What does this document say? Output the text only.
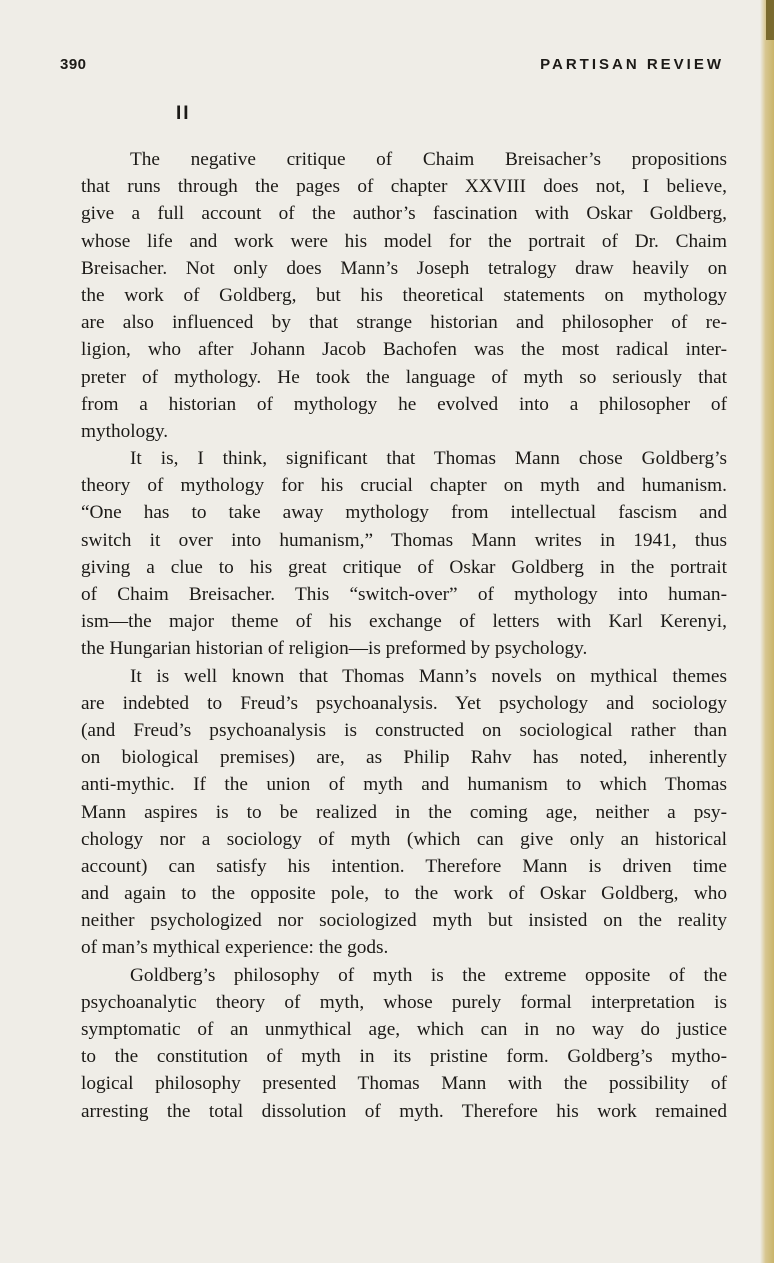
390	PARTISAN REVIEW
II
The negative critique of Chaim Breisacher’s propositions
that runs through the pages of chapter XXVIII does not, I believe,
give a full account of the author’s fascination with Oskar Goldberg,
whose life and work were his model for the portrait of Dr. Chaim
Breisacher. Not only does Mann’s Joseph tetralogy draw heavily on
the work of Goldberg, but his theoretical statements on mythology
are also influenced by that strange historian and philosopher of re-
ligion, who after Johann Jacob Bachofen was the most radical inter-
preter of mythology. He took the language of myth so seriously that
from a historian of mythology he evolved into a philosopher of
mythology.
It is, I think, significant that Thomas Mann chose Goldberg’s
theory of mythology for his crucial chapter on myth and humanism.
“One has to take away mythology from intellectual fascism and
switch it over into humanism,” Thomas Mann writes in 1941, thus
giving a clue to his great critique of Oskar Goldberg in the portrait
of Chaim Breisacher. This “switch-over” of mythology into human-
ism—the major theme of his exchange of letters with Karl Kerenyi,
the Hungarian historian of religion—is preformed by psychology.
It is well known that Thomas Mann’s novels on mythical themes
are indebted to Freud’s psychoanalysis. Yet psychology and sociology
(and Freud’s psychoanalysis is constructed on sociological rather than
on biological premises) are, as Philip Rahv has noted, inherently
anti-mythic. If the union of myth and humanism to which Thomas
Mann aspires is to be realized in the coming age, neither a psy-
chology nor a sociology of myth (which can give only an historical
account) can satisfy his intention. Therefore Mann is driven time
and again to the opposite pole, to the work of Oskar Goldberg, who
neither psychologized nor sociologized myth but insisted on the reality
of man’s mythical experience: the gods.
Goldberg’s philosophy of myth is the extreme opposite of the
psychoanalytic theory of myth, whose purely formal interpretation is
symptomatic of an unmythical age, which can in no way do justice
to the constitution of myth in its pristine form. Goldberg’s mytho-
logical philosophy presented Thomas Mann with the possibility of
arresting the total dissolution of myth. Therefore his work remained
